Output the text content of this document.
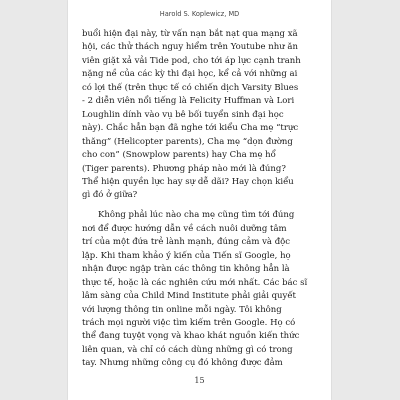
Harold S. Koplewicz, MD
buổi hiện đại này, từ vấn nạn bắt nạt qua mạng xã
hội, các thử thách nguy hiểm trên Youtube như ăn
viên giặt xả vải Tide pod, cho tới áp lực cạnh tranh
nặng nề của các kỳ thi đại học, kể cả với những ai
có lợi thế (trên thực tế có chiến dịch Varsity Blues
- 2 diễn viên nổi tiếng là Felicity Huffman và Lori
Loughlin dính vào vụ bê bối tuyển sinh đại học
này). Chắc hẳn bạn đã nghe tới kiểu Cha mẹ “trực
thăng” (Helicopter parents), Cha mẹ “dọn đường
cho con” (Snowplow parents) hay Cha mẹ hổ
(Tiger parents). Phương pháp nào mới là đúng?
Thể hiện quyền lực hay sự dễ dãi? Hay chọn kiểu
gì đó ở giữa?
Không phải lúc nào cha mẹ cũng tìm tới đúng
nơi để được hướng dẫn về cách nuôi dưỡng tâm
trí của một đứa trẻ lành mạnh, đúng cảm và độc
lập. Khi tham khảo ý kiến của Tiến sĩ Google, họ
nhận được ngập tràn các thông tin không hẳn là
thực tế, hoặc là các nghiên cứu mới nhất. Các bác sĩ
lâm sàng của Child Mind Institute phải giải quyết
với lượng thông tin online mỗi ngày. Tôi không
trách mọi người việc tìm kiếm trên Google. Họ có
thể đang tuyệt vọng và khao khát nguồn kiến thức
liên quan, và chỉ có cách dùng những gì có trong
tay. Nhưng những công cụ đó không được đảm
15
